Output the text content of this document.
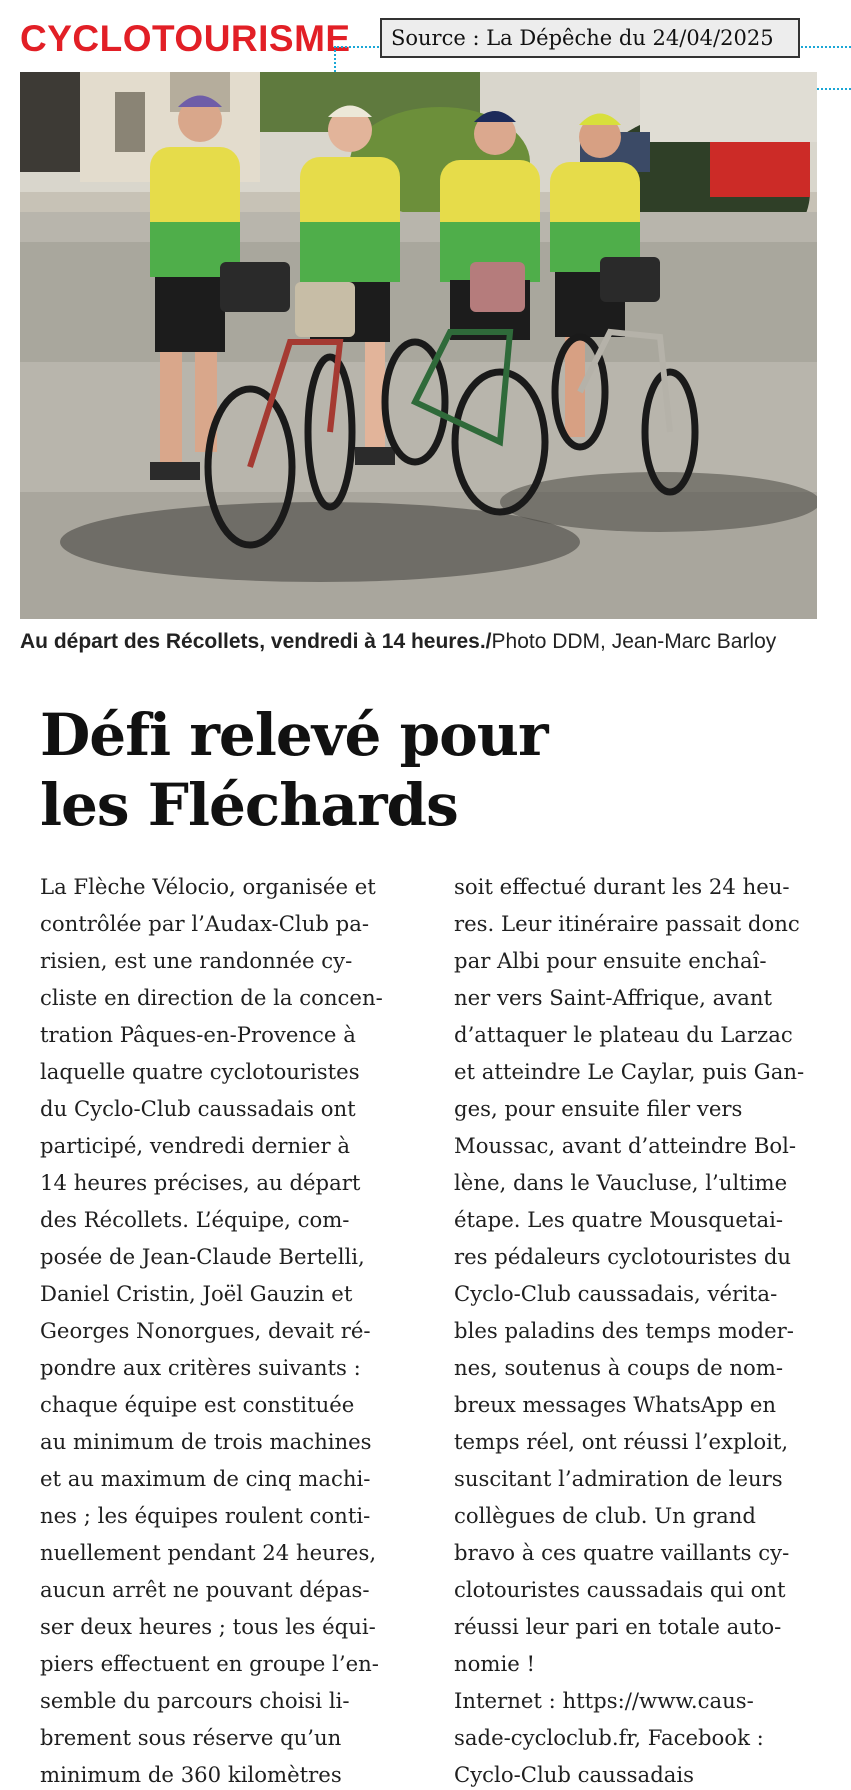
CYCLOTOURISME	Source : La Dépêche du 24/04/2025
Au départ des Récollets, vendredi à 14 heures./Photo DDM, Jean-Marc Barloy
Défi relevé pour
les Fléchards
La Flèche Vélocio, organisée et
contrôlée par l’Audax-Club pa-
risien, est une randonnée cy-
cliste en direction de la concen-
tration Pâques-en-Provence à
laquelle quatre cyclotouristes
du Cyclo-Club caussadais ont
participé, vendredi dernier à
14 heures précises, au départ
des Récollets. L’équipe, com-
posée de Jean-Claude Bertelli,
Daniel Cristin, Joël Gauzin et
Georges Nonorgues, devait ré-
pondre aux critères suivants :
chaque équipe est constituée
au minimum de trois machines
et au maximum de cinq machi-
nes ; les équipes roulent conti-
nuellement pendant 24 heures,
aucun arrêt ne pouvant dépas-
ser deux heures ; tous les équi-
piers effectuent en groupe l’en-
semble du parcours choisi li-
brement sous réserve qu’un
minimum de 360 kilomètres
soit effectué durant les 24 heu-
res. Leur itinéraire passait donc
par Albi pour ensuite enchaî-
ner vers Saint-Affrique, avant
d’attaquer le plateau du Larzac
et atteindre Le Caylar, puis Gan-
ges, pour ensuite filer vers
Moussac, avant d’atteindre Bol-
lène, dans le Vaucluse, l’ultime
étape. Les quatre Mousquetai-
res pédaleurs cyclotouristes du
Cyclo-Club caussadais, vérita-
bles paladins des temps moder-
nes, soutenus à coups de nom-
breux messages WhatsApp en
temps réel, ont réussi l’exploit,
suscitant l’admiration de leurs
collègues de club. Un grand
bravo à ces quatre vaillants cy-
clotouristes caussadais qui ont
réussi leur pari en totale auto-
nomie !
Internet : https://www.caus-
sade-cycloclub.fr, Facebook :
Cyclo-Club caussadais
